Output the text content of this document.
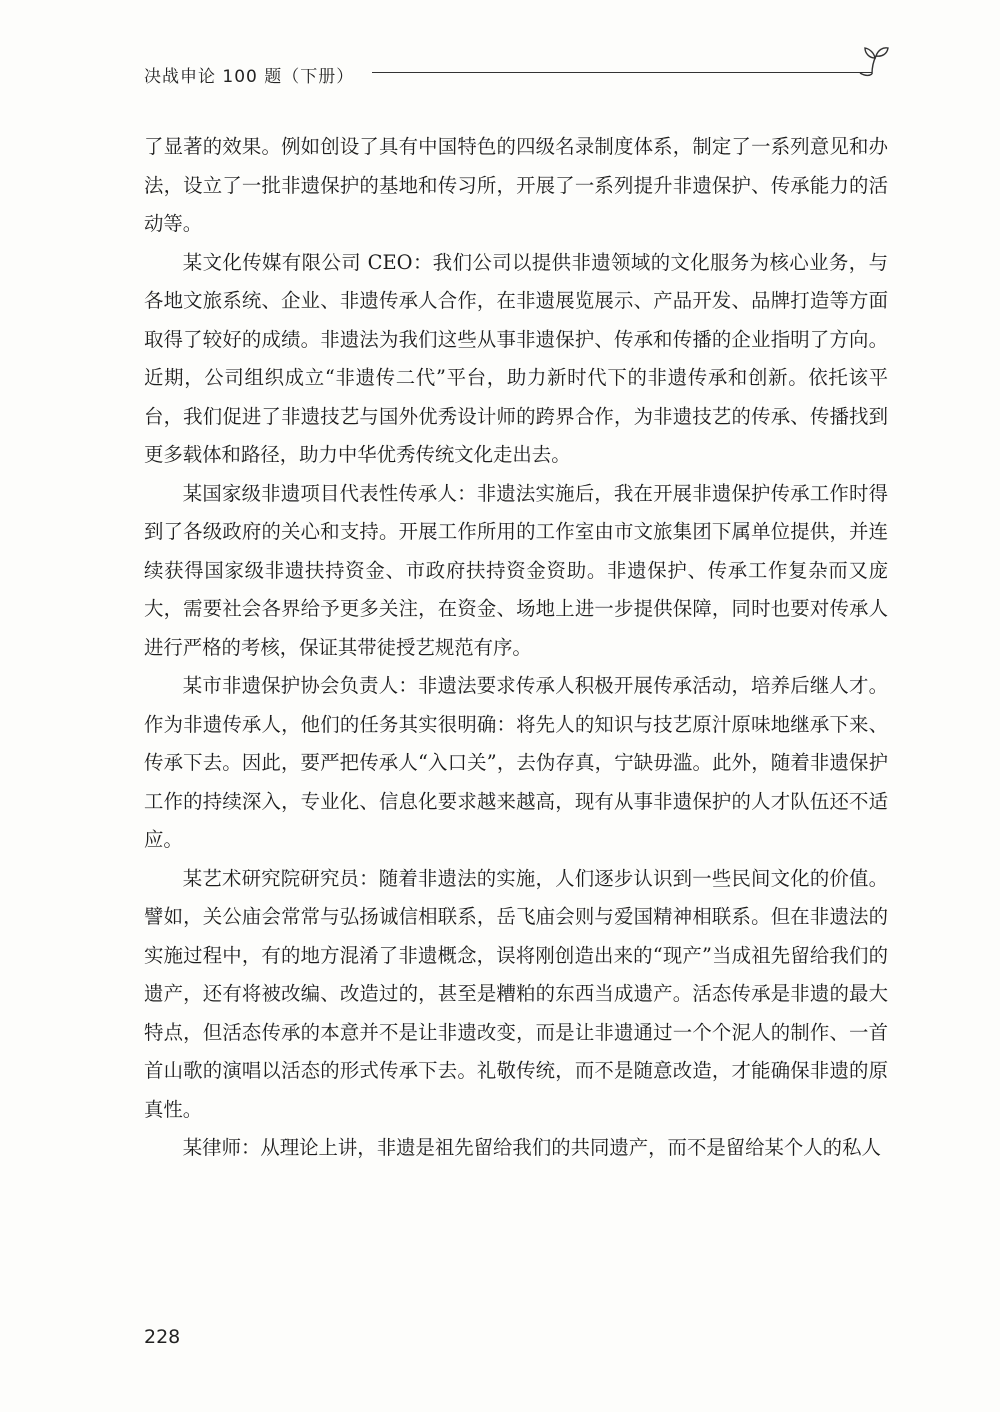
决战申论 100 题（下册）

了显著的效果。例如创设了具有中国特色的四级名录制度体系，制定了一系列意见和办法，设立了一批非遗保护的基地和传习所，开展了一系列提升非遗保护、传承能力的活动等。

某文化传媒有限公司 CEO：我们公司以提供非遗领域的文化服务为核心业务，与各地文旅系统、企业、非遗传承人合作，在非遗展览展示、产品开发、品牌打造等方面取得了较好的成绩。非遗法为我们这些从事非遗保护、传承和传播的企业指明了方向。近期，公司组织成立“非遗传二代”平台，助力新时代下的非遗传承和创新。依托该平台，我们促进了非遗技艺与国外优秀设计师的跨界合作，为非遗技艺的传承、传播找到更多载体和路径，助力中华优秀传统文化走出去。

某国家级非遗项目代表性传承人：非遗法实施后，我在开展非遗保护传承工作时得到了各级政府的关心和支持。开展工作所用的工作室由市文旅集团下属单位提供，并连续获得国家级非遗扶持资金、市政府扶持资金资助。非遗保护、传承工作复杂而又庞大，需要社会各界给予更多关注，在资金、场地上进一步提供保障，同时也要对传承人进行严格的考核，保证其带徒授艺规范有序。

某市非遗保护协会负责人：非遗法要求传承人积极开展传承活动，培养后继人才。作为非遗传承人，他们的任务其实很明确：将先人的知识与技艺原汁原味地继承下来、传承下去。因此，要严把传承人“入口关”，去伪存真，宁缺毋滥。此外，随着非遗保护工作的持续深入，专业化、信息化要求越来越高，现有从事非遗保护的人才队伍还不适应。

某艺术研究院研究员：随着非遗法的实施，人们逐步认识到一些民间文化的价值。譬如，关公庙会常常与弘扬诚信相联系，岳飞庙会则与爱国精神相联系。但在非遗法的实施过程中，有的地方混淆了非遗概念，误将刚创造出来的“现产”当成祖先留给我们的遗产，还有将被改编、改造过的，甚至是糟粕的东西当成遗产。活态传承是非遗的最大特点，但活态传承的本意并不是让非遗改变，而是让非遗通过一个个泥人的制作、一首首山歌的演唱以活态的形式传承下去。礼敬传统，而不是随意改造，才能确保非遗的原真性。

某律师：从理论上讲，非遗是祖先留给我们的共同遗产，而不是留给某个人的私人

228
